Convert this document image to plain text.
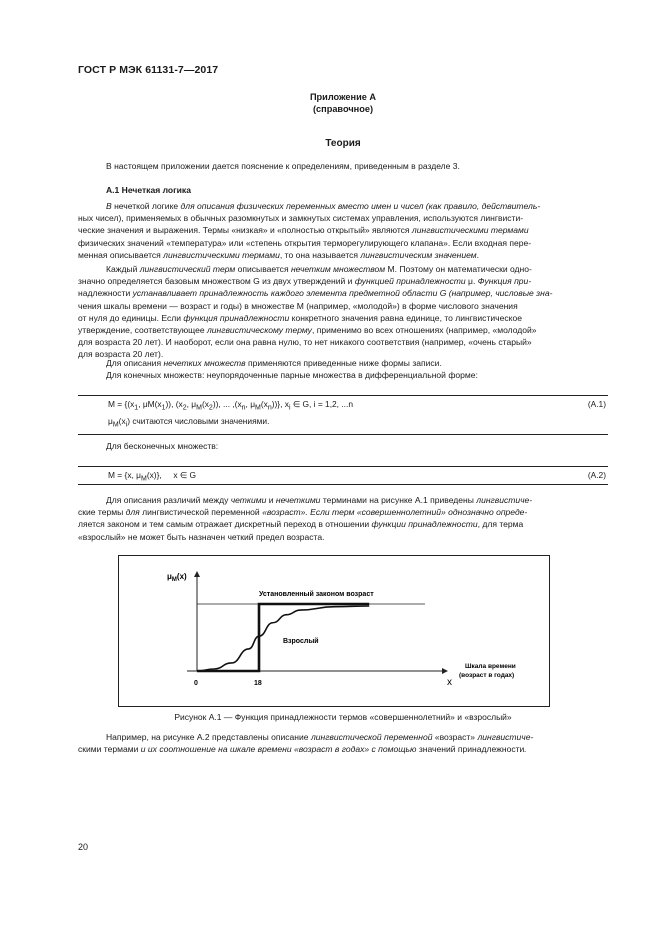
ГОСТ Р МЭК 61131-7—2017
Приложение А
(справочное)
Теория
В настоящем приложении дается пояснение к определениям, приведенным в разделе 3.
А.1 Нечеткая логика
В нечеткой логике для описания физических переменных вместо имен и чисел (как правило, действитель-
ных чисел), применяемых в обычных разомкнутых и замкнутых системах управления, используются лингвисти-
ческие значения и выражения. Термы «низкая» и «полностью открытый» являются лингвистическими термами
физических значений «температура» или «степень открытия терморегулирующего клапана». Если входная пере-
менная описывается лингвистическими термами, то она называется лингвистическим значением.
Каждый лингвистический терм описывается нечетким множеством М. Поэтому он математически одно-
значно определяется базовым множеством G из двух утверждений и функцией принадлежности μ. Функция при-
надлежности устанавливает принадлежность каждого элемента предметной области G (например, числовые зна-
чения шкалы времени — возраст и годы) в множестве М (например, «молодой») в форме числового значения
от нуля до единицы. Если функция принадлежности конкретного значения равна единице, то лингвистическое
утверждение, соответствующее лингвистическому терму, применимо во всех отношениях (например, «молодой»
для возраста 20 лет). И наоборот, если она равна нулю, то нет никакого соответствия (например, «очень старый»
для возраста 20 лет).
Для описания нечетких множеств применяются приведенные ниже формы записи.
Для конечных множеств: неупорядоченные парные множества в дифференциальной форме:
$М = \{(x_1$, $\mu М(x_1)$), ($x_2$, $\mu_M(x_2)$), ... $,(x_n$, $\mu_M(x_n)$)}, $x_i$ ∈ G, i = 1,2, ...n	(А.1)
$\mu_M(x_i)$ считаются числовыми значениями.
Для бесконечных множеств:
М = {x, $\mu_M(x)$},     x ∈ G	(А.2)
Для описания различий между четкими и нечеткими терминами на рисунке А.1 приведены лингвистиче-
ские термы для лингвистической переменной «возраст». Если терм «совершеннолетний» однозначно опреде-
ляется законом и тем самым отражает дискретный переход в отношении функции принадлежности, для терма
«взрослый» не может быть назначен четкий предел возраста.
$\mu_M(x)$
x
0	18
Установленный законом возраст
Взрослый
Шкала времени
(возраст в годах)
Рисунок А.1 — Функция принадлежности термов «совершеннолетний» и «взрослый»
Например, на рисунке А.2 представлены описание лингвистической переменной «возраст» лингвистиче-
скими термами и их соотношение на шкале времени «возраст в годах» с помощью значений принадлежности.
20
